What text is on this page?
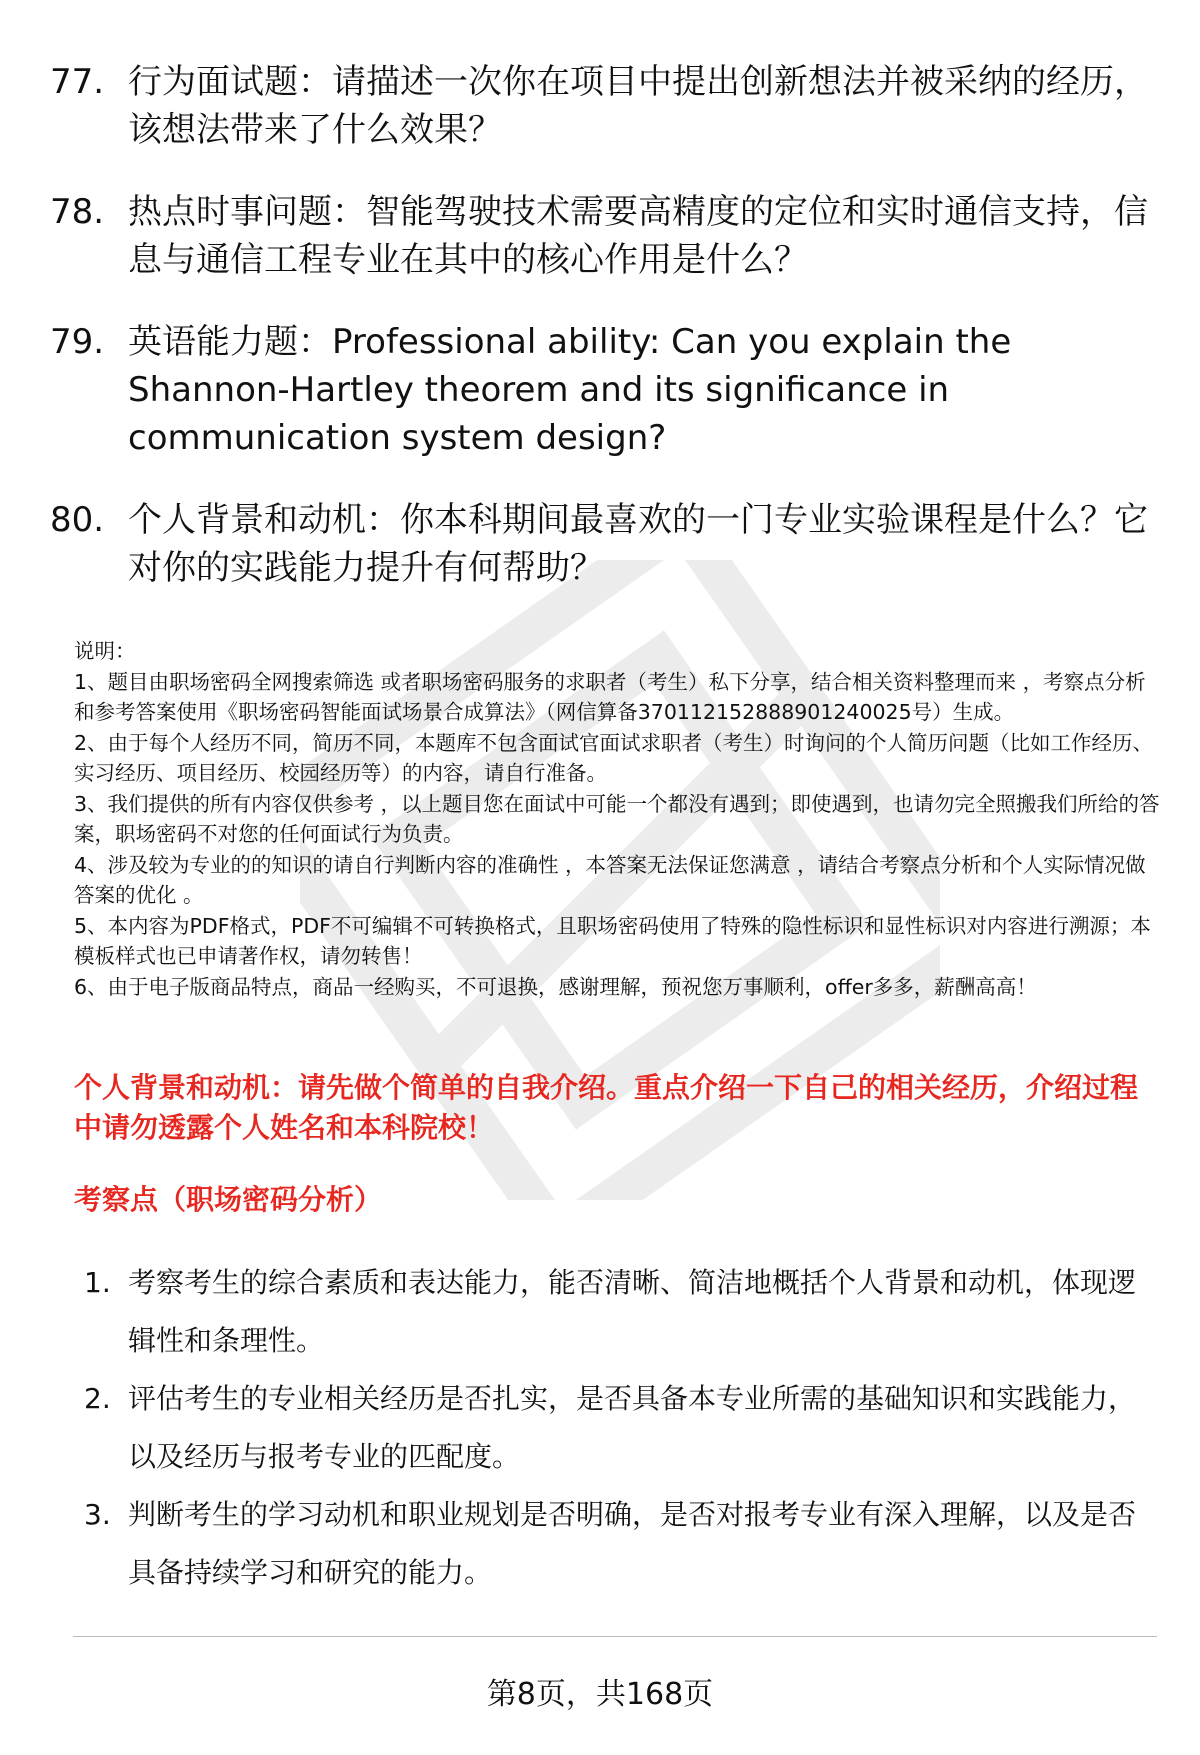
77. 行为面试题：请描述一次你在项目中提出创新想法并被采纳的经历，该想法带来了什么效果？
78. 热点时事问题：智能驾驶技术需要高精度的定位和实时通信支持，信息与通信工程专业在其中的核心作用是什么？
79. 英语能力题：Professional ability: Can you explain the Shannon-Hartley theorem and its significance in communication system design?
80. 个人背景和动机：你本科期间最喜欢的一门专业实验课程是什么？它对你的实践能力提升有何帮助？

说明：

1、题目由职场密码全网搜索筛选 或者职场密码服务的求职者（考生）私下分享，结合相关资料整理而来 ，考察点分析和参考答案使用《职场密码智能面试场景合成算法》（网信算备370112152888901240025号）生成。

2、由于每个人经历不同，简历不同，本题库不包含面试官面试求职者（考生）时询问的个人简历问题（比如工作经历、实习经历、项目经历、校园经历等）的内容，请自行准备。

3、我们提供的所有内容仅供参考 ，以上题目您在面试中可能一个都没有遇到；即使遇到，也请勿完全照搬我们所给的答案，职场密码不对您的任何面试行为负责。

4、涉及较为专业的的知识的请自行判断内容的准确性 ，本答案无法保证您满意 ，请结合考察点分析和个人实际情况做答案的优化 。

5、本内容为PDF格式，PDF不可编辑不可转换格式，且职场密码使用了特殊的隐性标识和显性标识对内容进行溯源；本模板样式也已申请著作权，请勿转售！

6、由于电子版商品特点，商品一经购买，不可退换，感谢理解，预祝您万事顺利，offer多多，薪酬高高！

个人背景和动机：请先做个简单的自我介绍。重点介绍一下自己的相关经历，介绍过程中请勿透露个人姓名和本科院校！
考察点（职场密码分析）
1. 考察考生的综合素质和表达能力，能否清晰、简洁地概括个人背景和动机，体现逻辑性和条理性。
2. 评估考生的专业相关经历是否扎实，是否具备本专业所需的基础知识和实践能力，以及经历与报考专业的匹配度。
3. 判断考生的学习动机和职业规划是否明确，是否对报考专业有深入理解，以及是否具备持续学习和研究的能力。
第8页，共168页
